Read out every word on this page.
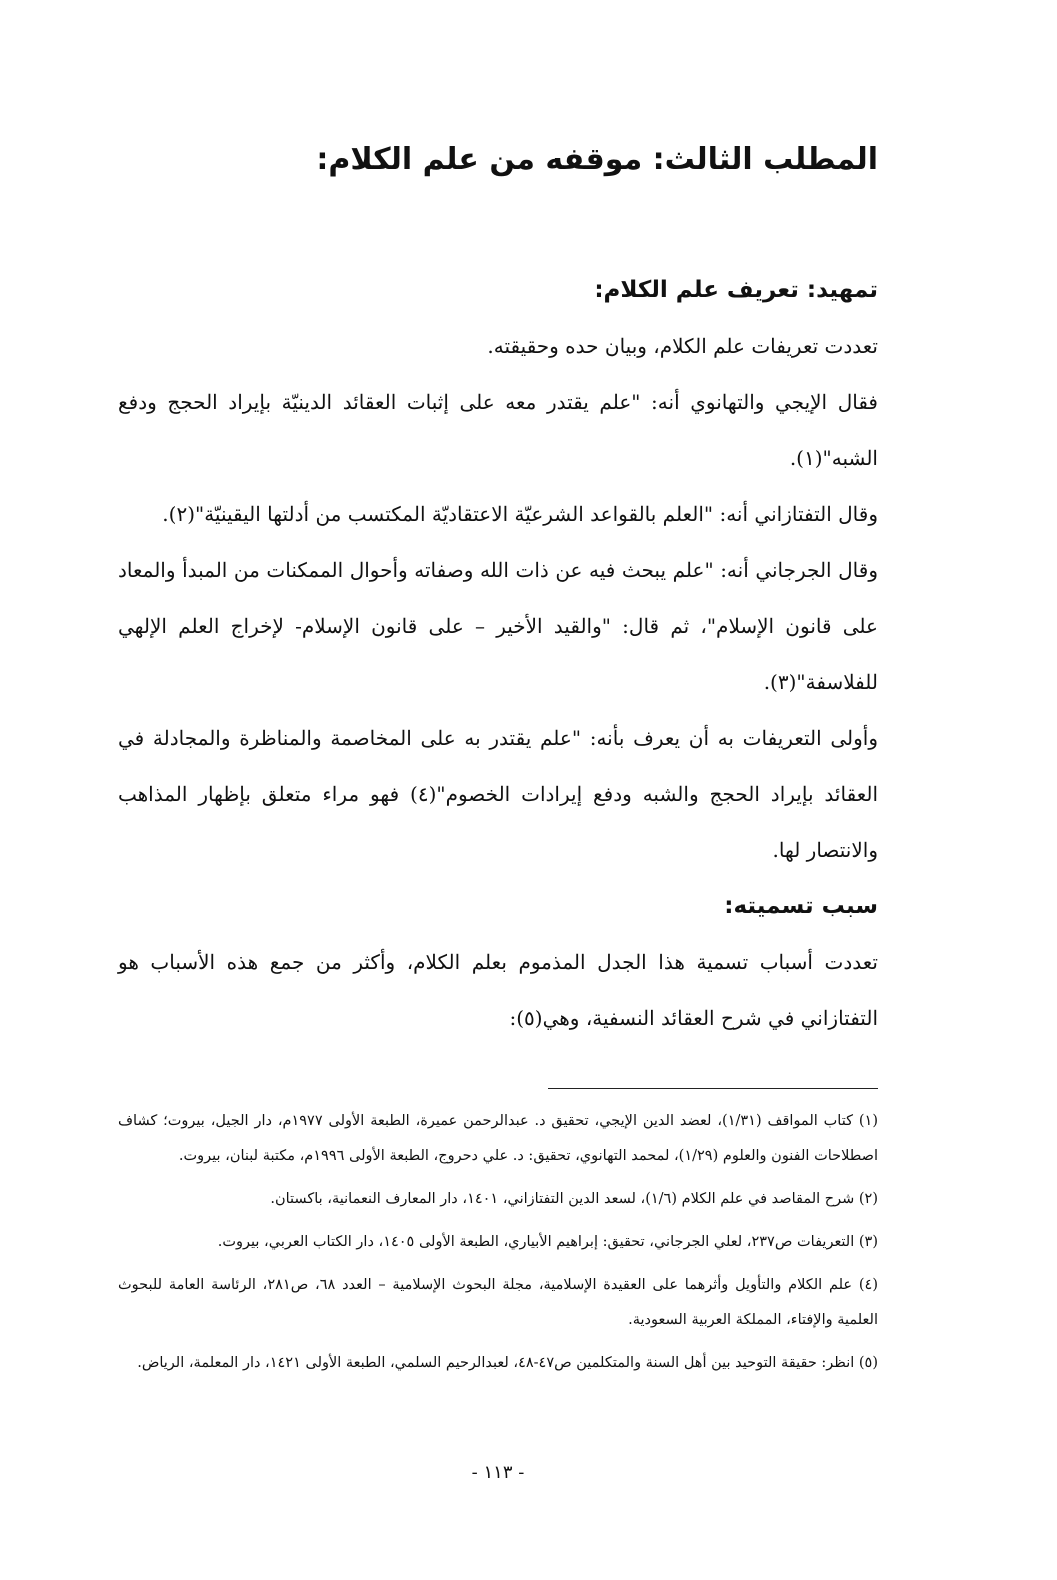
المطلب الثالث: موقفه من علم الكلام:
تمهيد: تعريف علم الكلام:

تعددت تعريفات علم الكلام، وبيان حده وحقيقته.

فقال الإيجي والتهانوي أنه: "علم يقتدر معه على إثبات العقائد الدينيّة بإيراد الحجج ودفع الشبه"(١).

وقال التفتازاني أنه: "العلم بالقواعد الشرعيّة الاعتقاديّة المكتسب من أدلتها اليقينيّة"(٢).

وقال الجرجاني أنه: "علم يبحث فيه عن ذات الله وصفاته وأحوال الممكنات من المبدأ والمعاد على قانون الإسلام"، ثم قال: "والقيد الأخير – على قانون الإسلام- لإخراج العلم الإلهي للفلاسفة"(٣).

وأولى التعريفات به أن يعرف بأنه: "علم يقتدر به على المخاصمة والمناظرة والمجادلة في العقائد بإيراد الحجج والشبه ودفع إيرادات الخصوم"(٤) فهو مراء متعلق بإظهار المذاهب والانتصار لها.

سبب تسميته:

تعددت أسباب تسمية هذا الجدل المذموم بعلم الكلام، وأكثر من جمع هذه الأسباب هو التفتازاني في شرح العقائد النسفية، وهي(٥):

(١) كتاب المواقف (١/٣١)، لعضد الدين الإيجي، تحقيق د. عبدالرحمن عميرة، الطبعة الأولى ١٩٧٧م، دار الجيل، بيروت؛ كشاف اصطلاحات الفنون والعلوم (١/٢٩)، لمحمد التهانوي، تحقيق: د. علي دحروج، الطبعة الأولى ١٩٩٦م، مكتبة لبنان، بيروت.

(٢) شرح المقاصد في علم الكلام (١/٦)، لسعد الدين التفتازاني، ١٤٠١، دار المعارف النعمانية، باكستان.

(٣) التعريفات ص٢٣٧، لعلي الجرجاني، تحقيق: إبراهيم الأبياري، الطبعة الأولى ١٤٠٥، دار الكتاب العربي، بيروت.

(٤) علم الكلام والتأويل وأثرهما على العقيدة الإسلامية، مجلة البحوث الإسلامية – العدد ٦٨، ص٢٨١، الرئاسة العامة للبحوث العلمية والإفتاء، المملكة العربية السعودية.

(٥) انظر: حقيقة التوحيد بين أهل السنة والمتكلمين ص٤٧-٤٨، لعبدالرحيم السلمي، الطبعة الأولى ١٤٢١، دار المعلمة، الرياض.

- ١١٣ -
